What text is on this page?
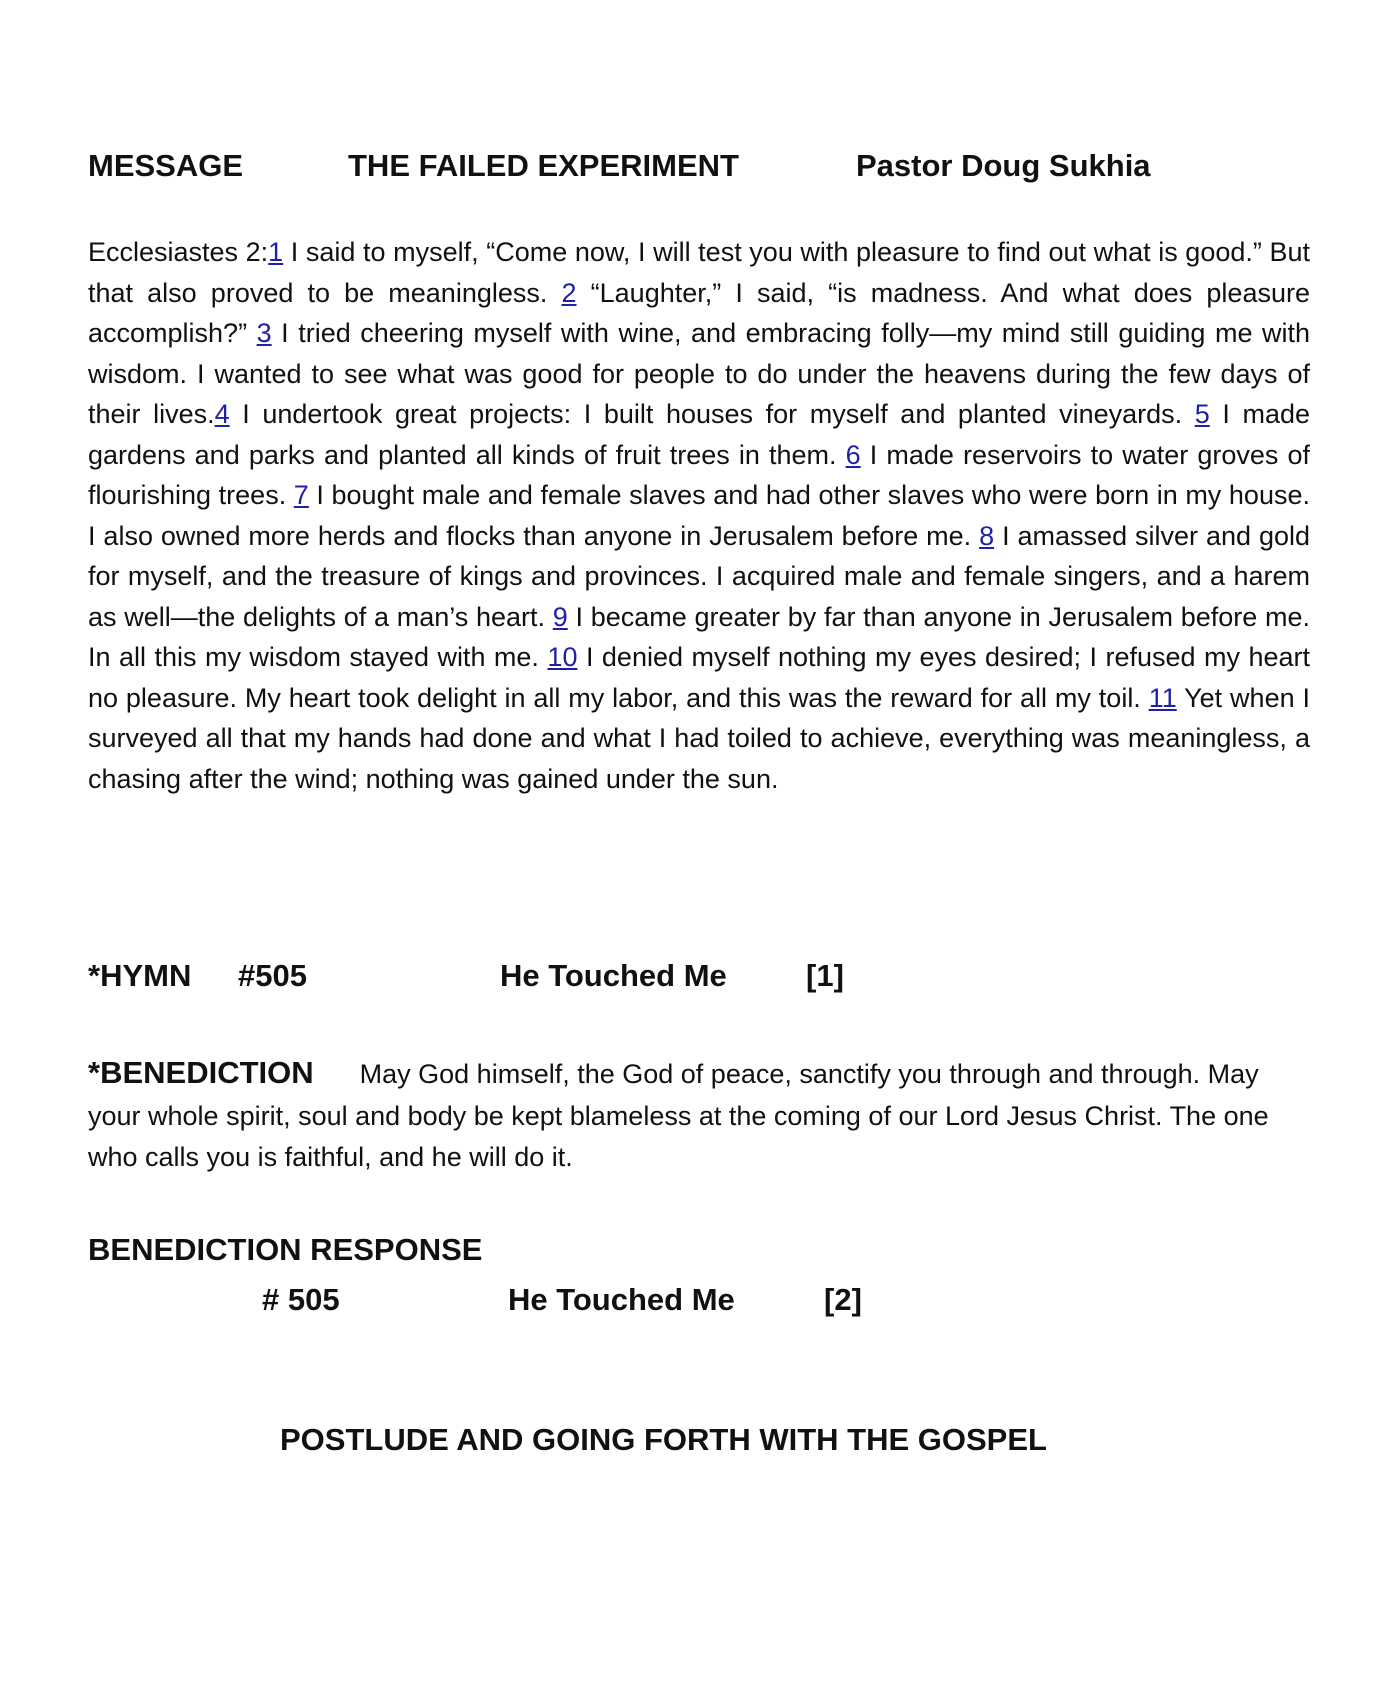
MESSAGE	THE FAILED EXPERIMENT	Pastor Doug Sukhia

Ecclesiastes 2:1 I said to myself, “Come now, I will test you with pleasure to find out what is good.” But that also proved to be meaningless. 2 “Laughter,” I said, “is madness. And what does pleasure accomplish?” 3 I tried cheering myself with wine, and embracing folly—my mind still guiding me with wisdom. I wanted to see what was good for people to do under the heavens during the few days of their lives.4 I undertook great projects: I built houses for myself and planted vineyards. 5 I made gardens and parks and planted all kinds of fruit trees in them. 6 I made reservoirs to water groves of flourishing trees. 7 I bought male and female slaves and had other slaves who were born in my house. I also owned more herds and flocks than anyone in Jerusalem before me. 8 I amassed silver and gold for myself, and the treasure of kings and provinces. I acquired male and female singers, and a harem as well—the delights of a man’s heart. 9 I became greater by far than anyone in Jerusalem before me. In all this my wisdom stayed with me. 10 I denied myself nothing my eyes desired; I refused my heart no pleasure. My heart took delight in all my labor, and this was the reward for all my toil. 11 Yet when I surveyed all that my hands had done and what I had toiled to achieve, everything was meaningless, a chasing after the wind; nothing was gained under the sun.

*HYMN #505	He Touched Me	[1]

*BENEDICTION May God himself, the God of peace, sanctify you through and through. May your whole spirit, soul and body be kept blameless at the coming of our Lord Jesus Christ. The one who calls you is faithful, and he will do it.

BENEDICTION RESPONSE
# 505	He Touched Me	[2]
POSTLUDE AND GOING FORTH WITH THE GOSPEL
